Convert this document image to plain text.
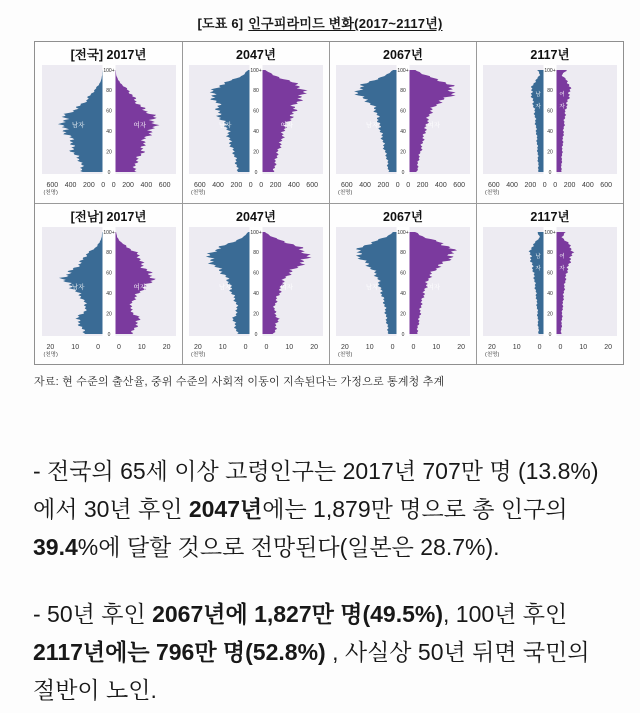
[도표 6] 인구피라미드 변화(2017~2117년)
[전국] 2017년
100+
80
60
40
20
0
남자	여자
600 400 200 0 0 200 400 600
(천명)
2047년
100+
80
60
40
20
0
남자	여자
600 400 200 0 0 200 400 600
(천명)
2067년
100+
80
60
40
20
0
남자	여자
600 400 200 0 0 200 400 600
(천명)
2117년
100+
80
60
40
20
0
남
자
여
자
600 400 200 0 0 200 400 600
(천명)
[전남] 2017년
100+
80
60
40
20
0
남자	여자
20 10 0 0 10 20
(천명)
2047년
100+
80
60
40
20
0
남자	여자
20 10 0 0 10 20
(천명)
2067년
100+
80
60
40
20
0
남자	여자
20 10 0 0 10 20
(천명)
2117년
100+
80
60
40
20
0
남
자
여
자
20 10 0 0 10 20
(천명)
자료: 현 수준의 출산율, 중위 수준의 사회적 이동이 지속된다는 가정으로 통계청 추계

- 전국의 65세 이상 고령인구는 2017년 707만 명 (13.8%)에서 30년 후인 2047년에는 1,879만 명으로 총 인구의 39.4%에 달할 것으로 전망된다(일본은 28.7%).

- 50년 후인 2067년에 1,827만 명(49.5%), 100년 후인 2117년에는 796만 명(52.8%) , 사실상 50년 뒤면 국민의 절반이 노인.
